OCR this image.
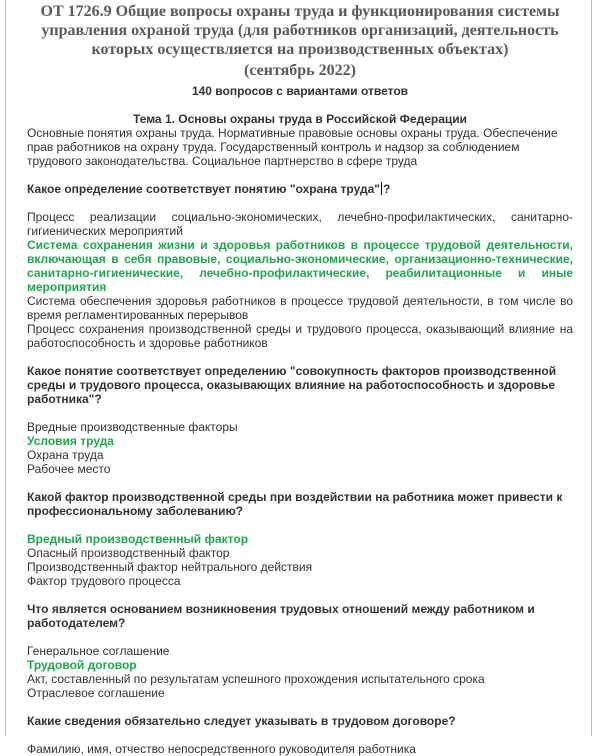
ОТ 1726.9 Общие вопросы охраны труда и функционирования системы управления охраной труда (для работников организаций, деятельность которых осуществляется на производственных объектах)

(сентябрь 2022)

140 вопросов с вариантами ответов

Тема 1. Основы охраны труда в Российской Федерации

Основные понятия охраны труда. Нормативные правовые основы охраны труда. Обеспечение прав работников на охрану труда. Государственный контроль и надзор за соблюдением трудового законодательства. Социальное партнерство в сфере труда

Какое определение соответствует понятию "охрана труда" ?

Процесс реализации социально-экономических, лечебно-профилактических, санитарно-гигиенических мероприятий
Система сохранения жизни и здоровья работников в процессе трудовой деятельности, включающая в себя правовые, социально-экономические, организационно-технические, санитарно-гигиенические, лечебно-профилактические, реабилитационные и иные мероприятия
Система обеспечения здоровья работников в процессе трудовой деятельности, в том числе во время регламентированных перерывов
Процесс сохранения производственной среды и трудового процесса, оказывающий влияние на работоспособность и здоровье работников

Какое понятие соответствует определению "совокупность факторов производственной среды и трудового процесса, оказывающих влияние на работоспособность и здоровье работника"?

Вредные производственные факторы
Условия труда
Охрана труда
Рабочее место

Какой фактор производственной среды при воздействии на работника может привести к профессиональному заболеванию?

Вредный производственный фактор
Опасный производственный фактор
Производственный фактор нейтрального действия
Фактор трудового процесса

Что является основанием возникновения трудовых отношений между работником и работодателем?

Генеральное соглашение
Трудовой договор
Акт, составленный по результатам успешного прохождения испытательного срока
Отраслевое соглашение

Какие сведения обязательно следует указывать в трудовом договоре?

Фамилию, имя, отчество непосредственного руководителя работника
